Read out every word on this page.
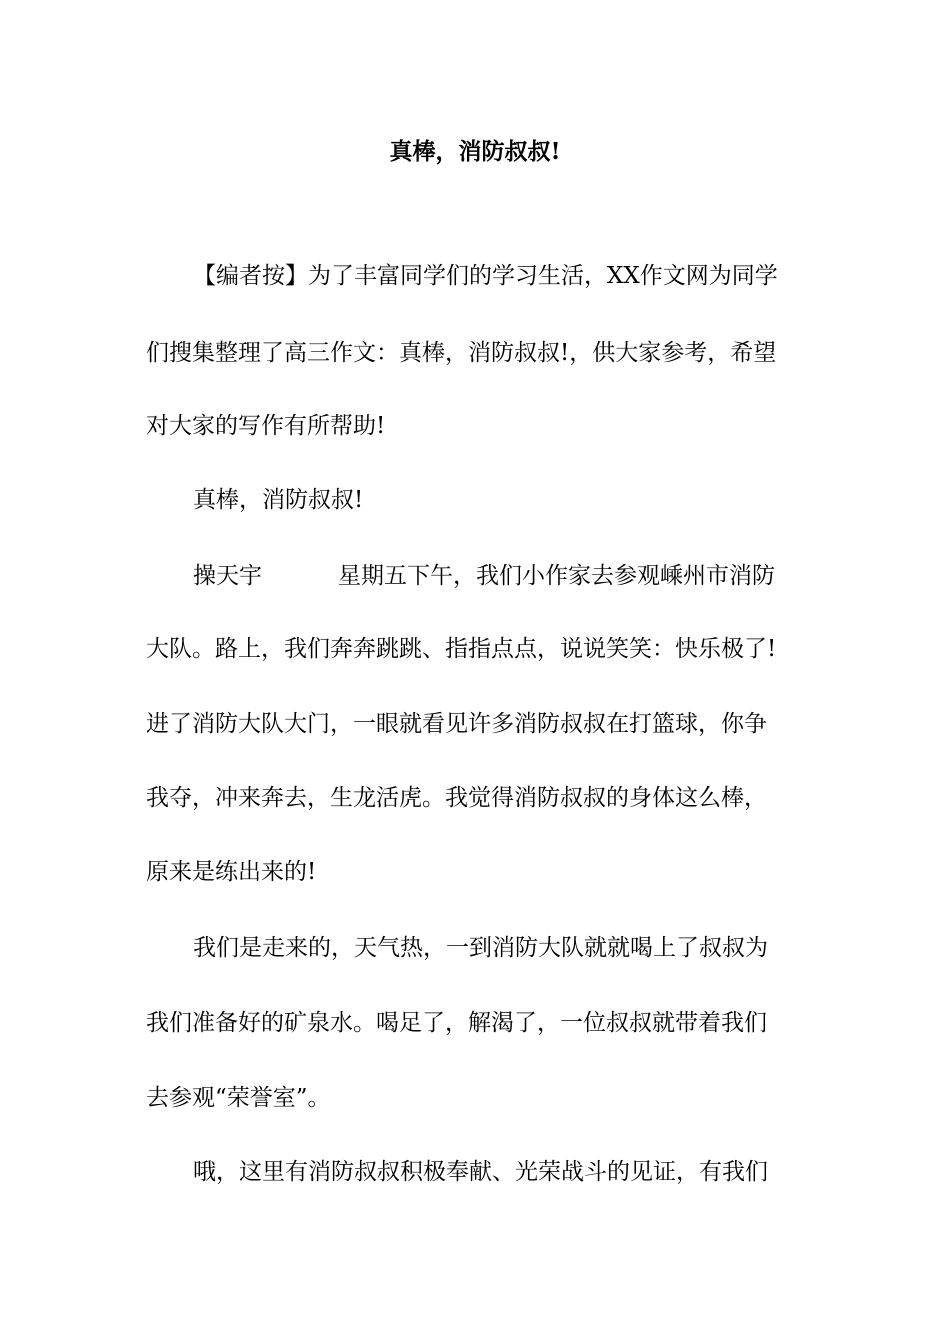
真棒，消防叔叔!
【编者按】为了丰富同学们的学习生活，XX作文网为同学
们搜集整理了高三作文：真棒，消防叔叔!，供大家参考，希望
对大家的写作有所帮助!
真棒，消防叔叔!
操天宇	星期五下午，我们小作家去参观嵊州市消防
大队。路上，我们奔奔跳跳、指指点点，说说笑笑：快乐极了!
进了消防大队大门，一眼就看见许多消防叔叔在打篮球，你争
我夺，冲来奔去，生龙活虎。我觉得消防叔叔的身体这么棒，
原来是练出来的!
我们是走来的，天气热，一到消防大队就就喝上了叔叔为
我们准备好的矿泉水。喝足了，解渴了，一位叔叔就带着我们
去参观“荣誉室”。
哦，这里有消防叔叔积极奉献、光荣战斗的见证，有我们
